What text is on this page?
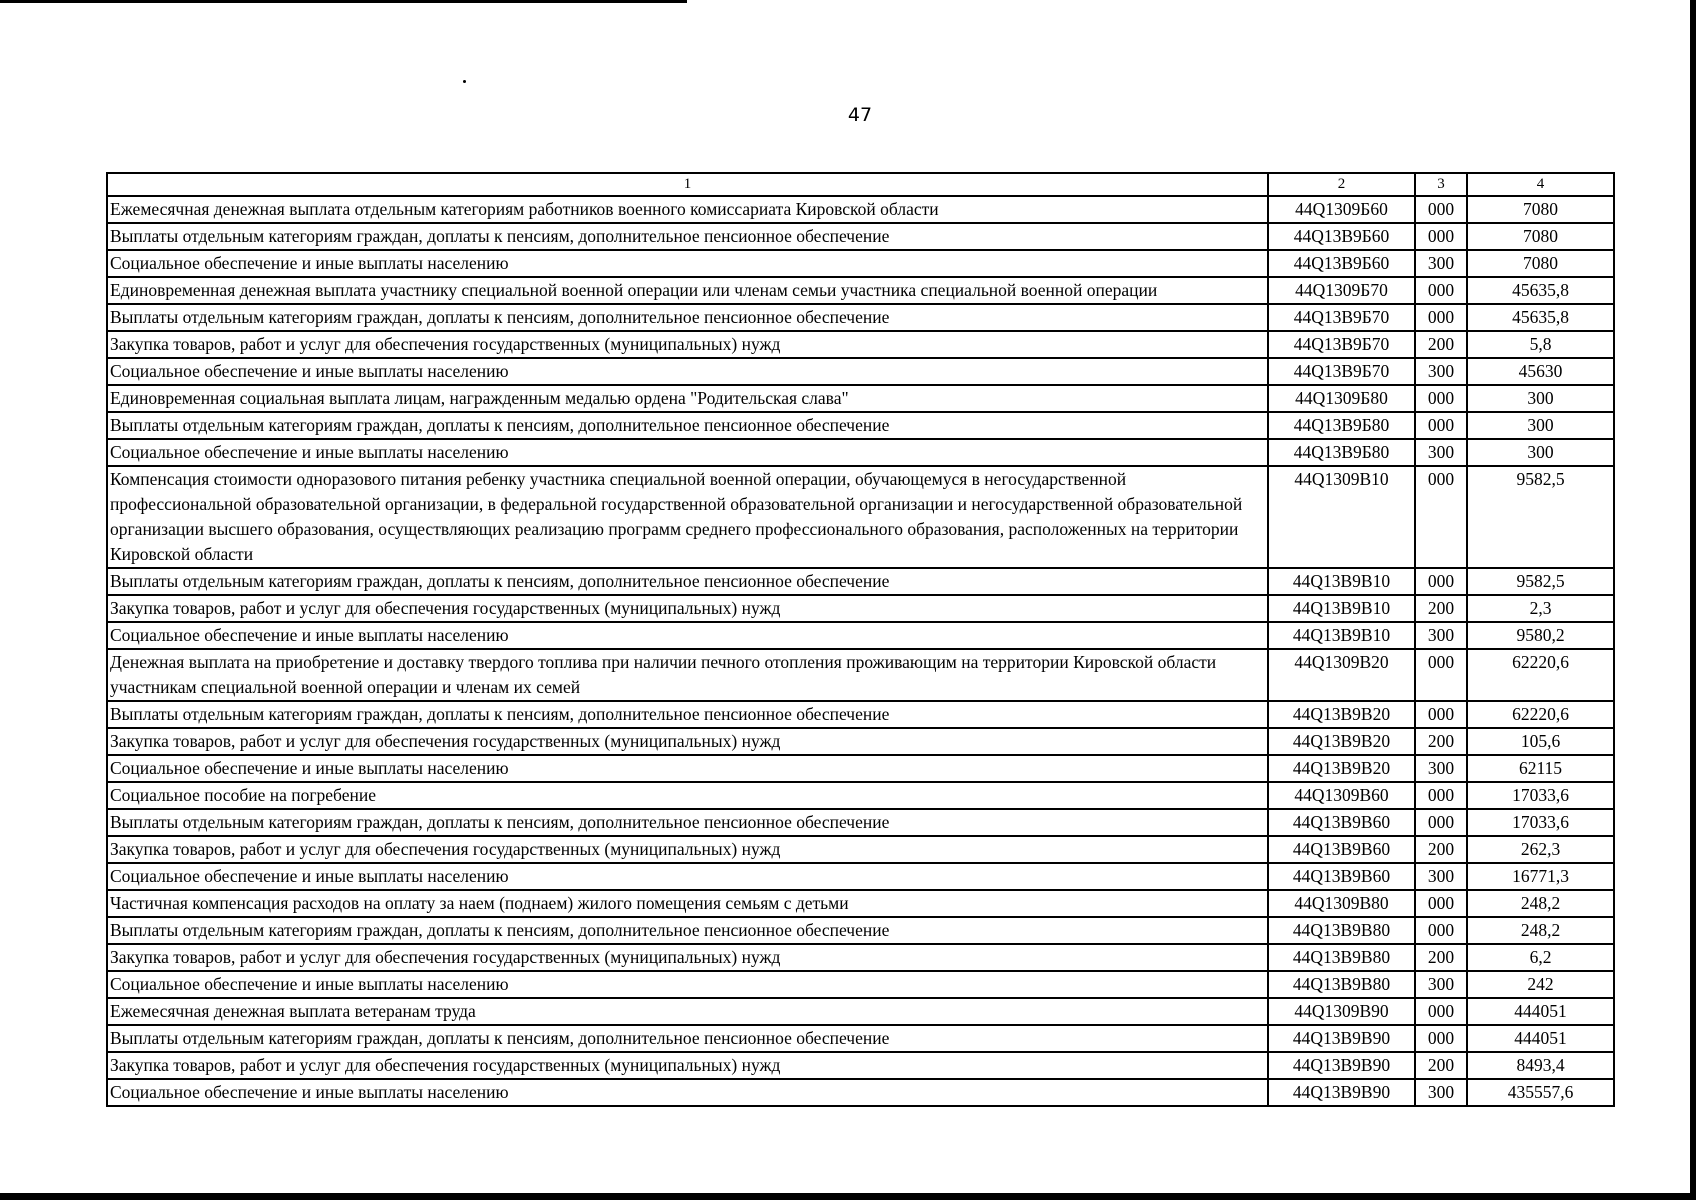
47
1	2	3	4
Ежемесячная денежная выплата отдельным категориям работников военного комиссариата Кировской области	44Q1309Б60	000	7080
Выплаты отдельным категориям граждан, доплаты к пенсиям, дополнительное пенсионное обеспечение	44Q13B9Б60	000	7080
Социальное обеспечение и иные выплаты населению	44Q13B9Б60	300	7080
Единовременная денежная выплата участнику специальной военной операции или членам семьи участника специальной военной операции	44Q1309Б70	000	45635,8
Выплаты отдельным категориям граждан, доплаты к пенсиям, дополнительное пенсионное обеспечение	44Q13B9Б70	000	45635,8
Закупка товаров, работ и услуг для обеспечения государственных (муниципальных) нужд	44Q13B9Б70	200	5,8
Социальное обеспечение и иные выплаты населению	44Q13B9Б70	300	45630
Единовременная социальная выплата лицам, награжденным медалью ордена "Родительская слава"	44Q1309Б80	000	300
Выплаты отдельным категориям граждан, доплаты к пенсиям, дополнительное пенсионное обеспечение	44Q13B9Б80	000	300
Социальное обеспечение и иные выплаты населению	44Q13B9Б80	300	300
Компенсация стоимости одноразового питания ребенку участника специальной военной операции, обучающемуся в негосударственной профессиональной образовательной организации, в федеральной государственной образовательной организации и негосударственной образовательной организации высшего образования, осуществляющих реализацию программ среднего профессионального образования, расположенных на территории Кировской области	44Q1309B10	000	9582,5
Выплаты отдельным категориям граждан, доплаты к пенсиям, дополнительное пенсионное обеспечение	44Q13B9B10	000	9582,5
Закупка товаров, работ и услуг для обеспечения государственных (муниципальных) нужд	44Q13B9B10	200	2,3
Социальное обеспечение и иные выплаты населению	44Q13B9B10	300	9580,2
Денежная выплата на приобретение и доставку твердого топлива при наличии печного отопления проживающим на территории Кировской области участникам специальной военной операции и членам их семей	44Q1309B20	000	62220,6
Выплаты отдельным категориям граждан, доплаты к пенсиям, дополнительное пенсионное обеспечение	44Q13B9B20	000	62220,6
Закупка товаров, работ и услуг для обеспечения государственных (муниципальных) нужд	44Q13B9B20	200	105,6
Социальное обеспечение и иные выплаты населению	44Q13B9B20	300	62115
Социальное пособие на погребение	44Q1309B60	000	17033,6
Выплаты отдельным категориям граждан, доплаты к пенсиям, дополнительное пенсионное обеспечение	44Q13B9B60	000	17033,6
Закупка товаров, работ и услуг для обеспечения государственных (муниципальных) нужд	44Q13B9B60	200	262,3
Социальное обеспечение и иные выплаты населению	44Q13B9B60	300	16771,3
Частичная компенсация расходов на оплату за наем (поднаем) жилого помещения семьям с детьми	44Q1309B80	000	248,2
Выплаты отдельным категориям граждан, доплаты к пенсиям, дополнительное пенсионное обеспечение	44Q13B9B80	000	248,2
Закупка товаров, работ и услуг для обеспечения государственных (муниципальных) нужд	44Q13B9B80	200	6,2
Социальное обеспечение и иные выплаты населению	44Q13B9B80	300	242
Ежемесячная денежная выплата ветеранам труда	44Q1309B90	000	444051
Выплаты отдельным категориям граждан, доплаты к пенсиям, дополнительное пенсионное обеспечение	44Q13B9B90	000	444051
Закупка товаров, работ и услуг для обеспечения государственных (муниципальных) нужд	44Q13B9B90	200	8493,4
Социальное обеспечение и иные выплаты населению	44Q13B9B90	300	435557,6
